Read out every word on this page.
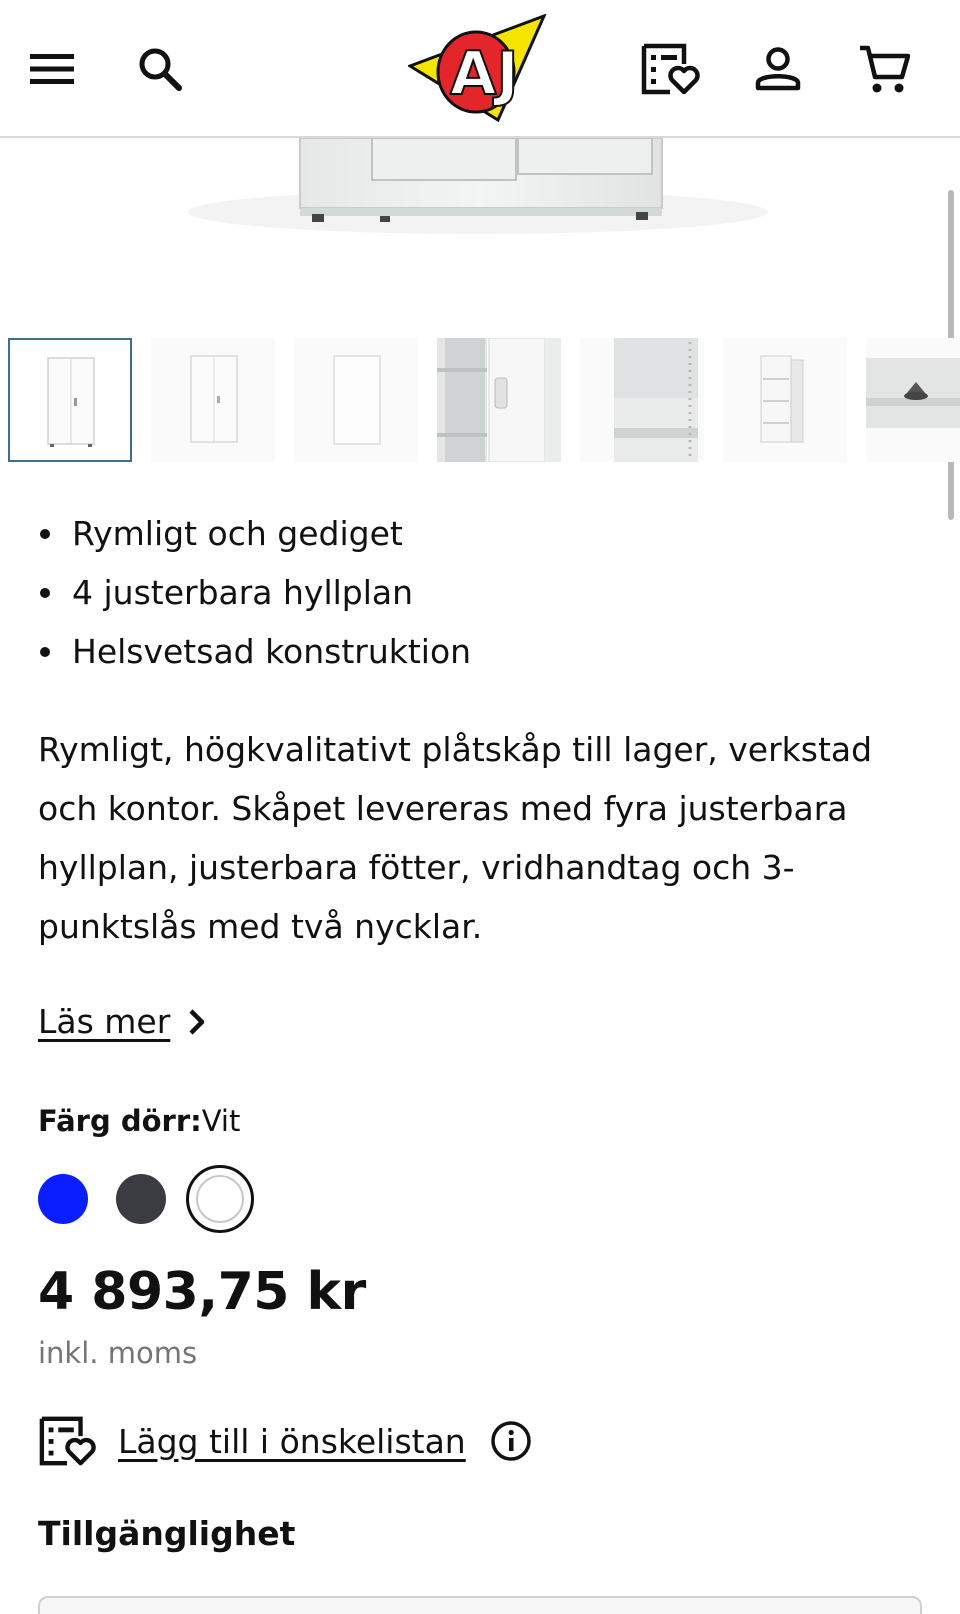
AJ
Rymligt och gediget
4 justerbara hyllplan
Helsvetsad konstruktion

Rymligt, högkvalitativt plåtskåp till lager, verkstad och kontor. Skåpet levereras med fyra justerbara hyllplan, justerbara fötter, vridhandtag och 3-punktslås med två nycklar.

Läs mer
Färg dörr:Vit
4 893,75 kr
inkl. moms
Lägg till i önskelistan
Tillgänglighet
